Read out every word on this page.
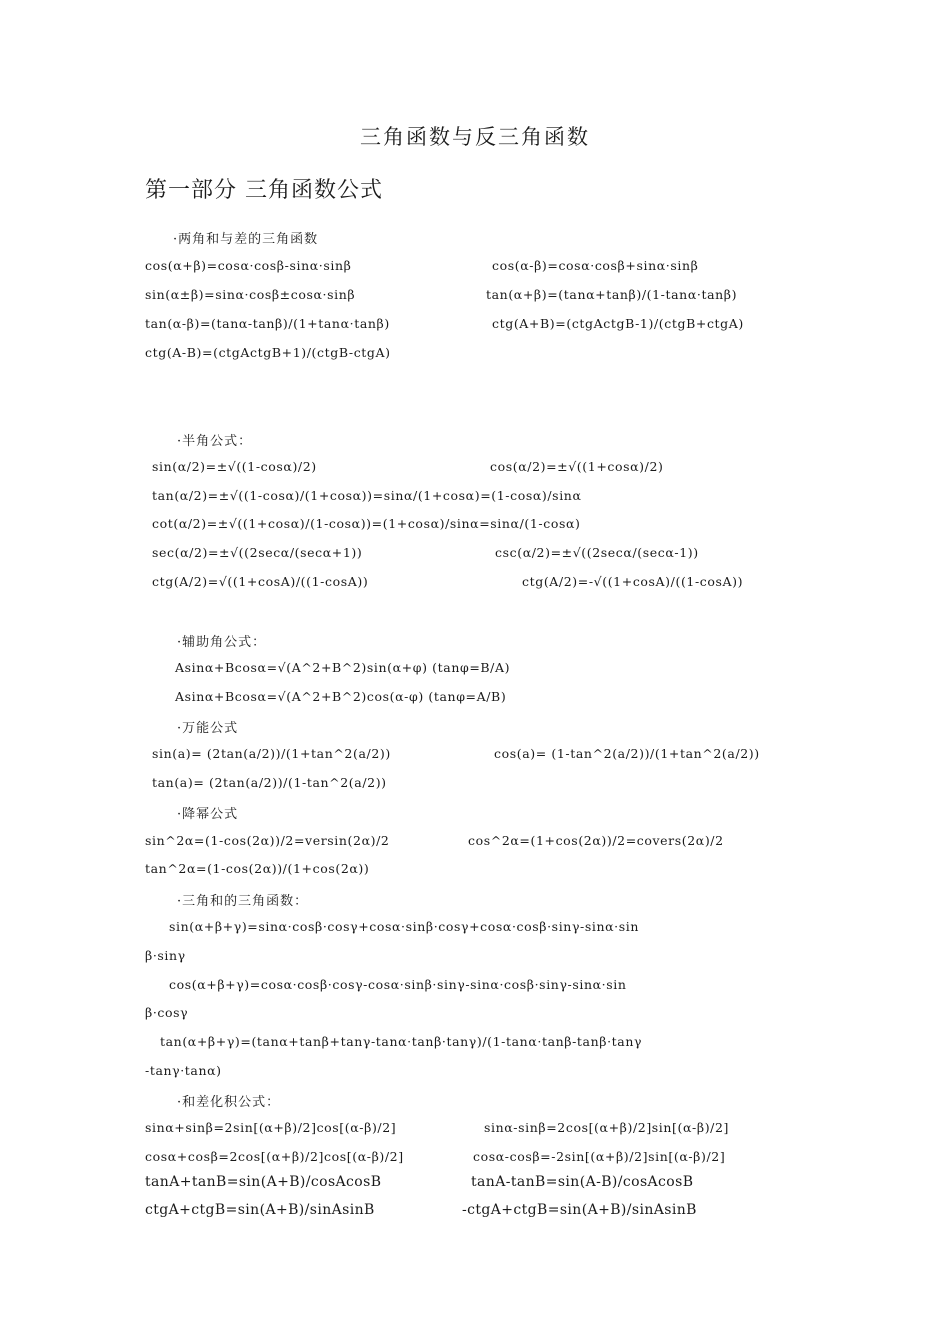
三角函数与反三角函数
第一部分 三角函数公式
·两角和与差的三角函数
cos(α+β)=cosα·cosβ-sinα·sinβ	cos(α-β)=cosα·cosβ+sinα·sinβ
sin(α±β)=sinα·cosβ±cosα·sinβ	tan(α+β)=(tanα+tanβ)/(1-tanα·tanβ)
tan(α-β)=(tanα-tanβ)/(1+tanα·tanβ)	ctg(A+B)=(ctgActgB-1)/(ctgB+ctgA)
ctg(A-B)=(ctgActgB+1)/(ctgB-ctgA)
·半角公式：
sin(α/2)=±√((1-cosα)/2)	cos(α/2)=±√((1+cosα)/2)
tan(α/2)=±√((1-cosα)/(1+cosα))=sinα/(1+cosα)=(1-cosα)/sinα
cot(α/2)=±√((1+cosα)/(1-cosα))=(1+cosα)/sinα=sinα/(1-cosα)
sec(α/2)=±√((2secα/(secα+1))	csc(α/2)=±√((2secα/(secα-1))
ctg(A/2)=√((1+cosA)/((1-cosA))	ctg(A/2)=-√((1+cosA)/((1-cosA))
·辅助角公式：
Asinα+Bcosα=√(A^2+B^2)sin(α+φ) (tanφ=B/A)
Asinα+Bcosα=√(A^2+B^2)cos(α-φ) (tanφ=A/B)
·万能公式
sin(a)= (2tan(a/2))/(1+tan^2(a/2))	cos(a)= (1-tan^2(a/2))/(1+tan^2(a/2))
tan(a)= (2tan(a/2))/(1-tan^2(a/2))
·降幂公式
sin^2α=(1-cos(2α))/2=versin(2α)/2	cos^2α=(1+cos(2α))/2=covers(2α)/2
tan^2α=(1-cos(2α))/(1+cos(2α))
·三角和的三角函数：
sin(α+β+γ)=sinα·cosβ·cosγ+cosα·sinβ·cosγ+cosα·cosβ·sinγ-sinα·sin
β·sinγ
cos(α+β+γ)=cosα·cosβ·cosγ-cosα·sinβ·sinγ-sinα·cosβ·sinγ-sinα·sin
β·cosγ
tan(α+β+γ)=(tanα+tanβ+tanγ-tanα·tanβ·tanγ)/(1-tanα·tanβ-tanβ·tanγ
-tanγ·tanα)
·和差化积公式：
sinα+sinβ=2sin[(α+β)/2]cos[(α-β)/2]	sinα-sinβ=2cos[(α+β)/2]sin[(α-β)/2]
cosα+cosβ=2cos[(α+β)/2]cos[(α-β)/2]	cosα-cosβ=-2sin[(α+β)/2]sin[(α-β)/2]
tanA+tanB=sin(A+B)/cosAcosB	tanA-tanB=sin(A-B)/cosAcosB
ctgA+ctgB=sin(A+B)/sinAsinB	-ctgA+ctgB=sin(A+B)/sinAsinB
